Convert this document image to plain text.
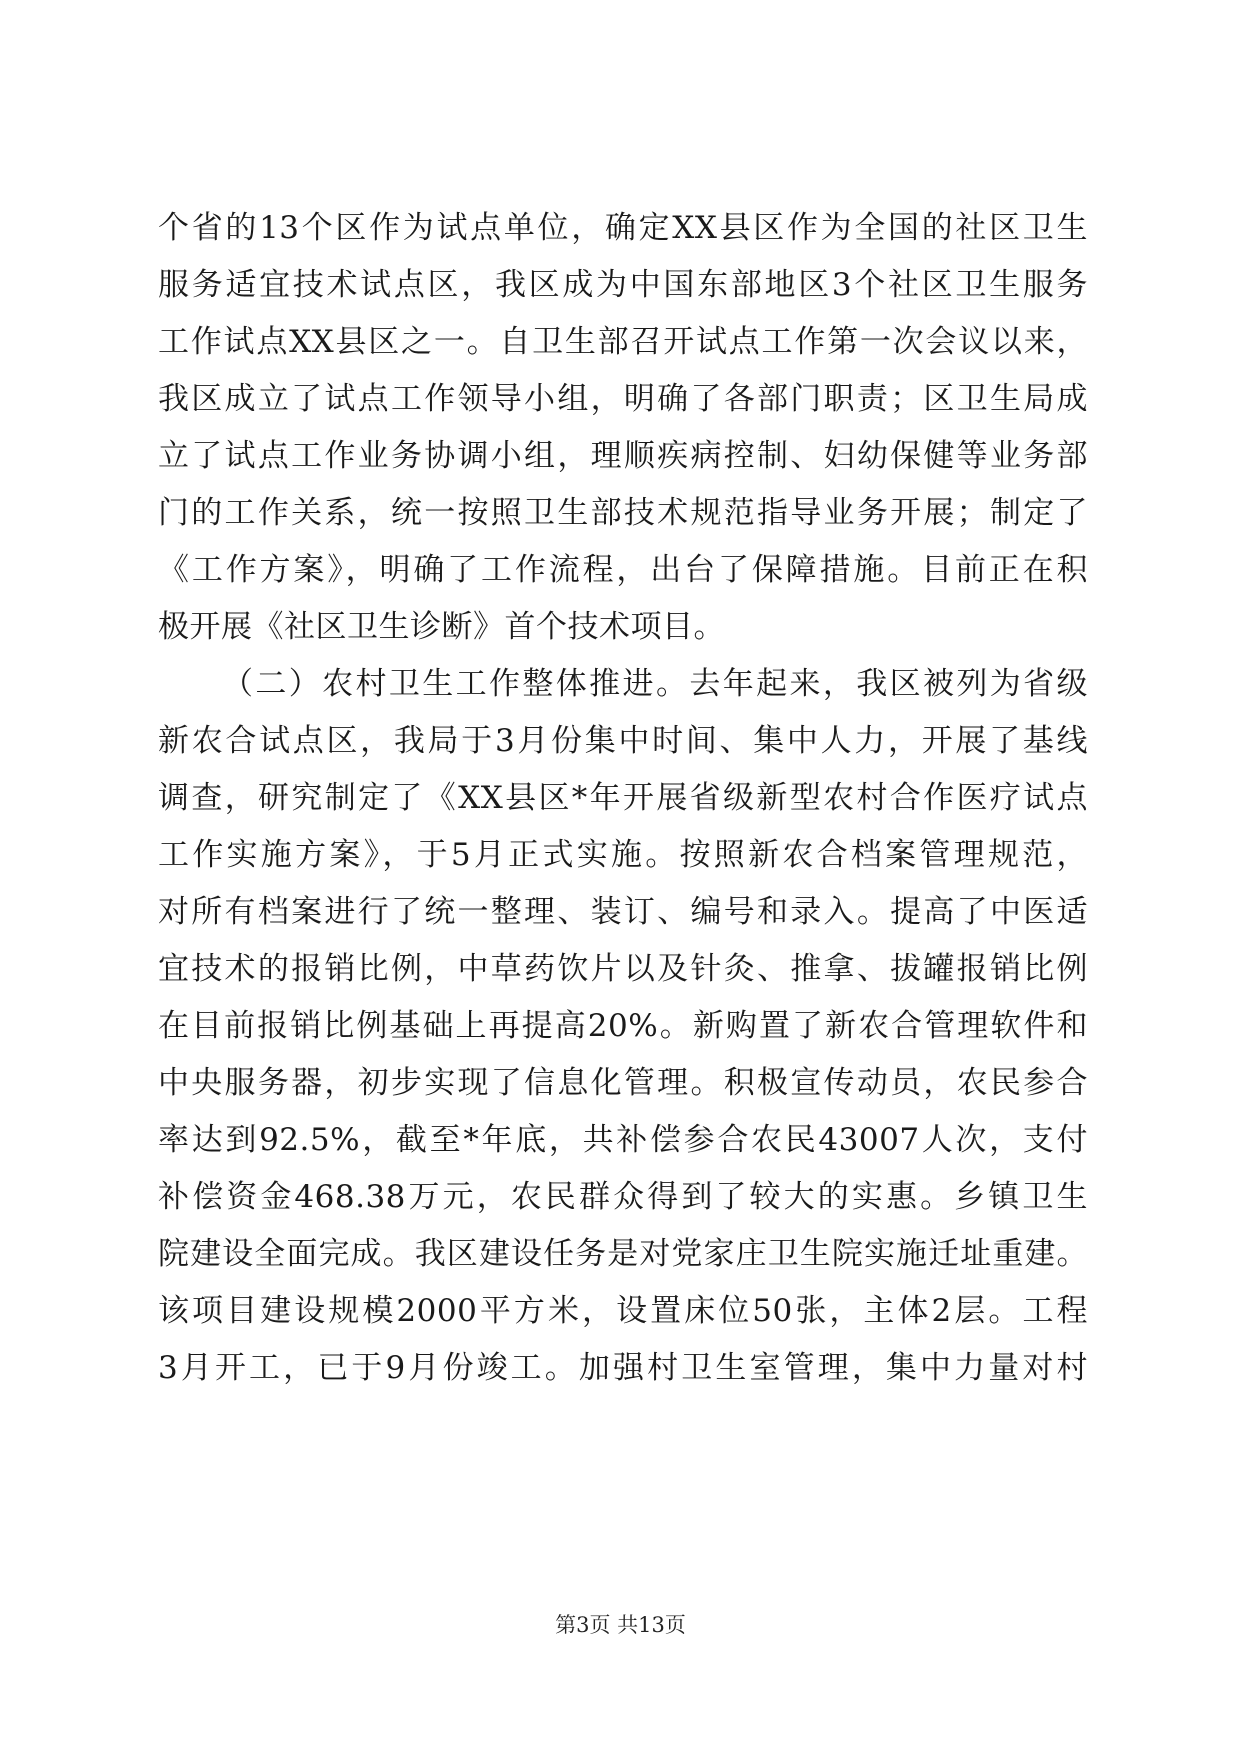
个省的13个区作为试点单位，确定XX县区作为全国的社区卫生
服务适宜技术试点区，我区成为中国东部地区3个社区卫生服务
工作试点XX县区之一。自卫生部召开试点工作第一次会议以来，
我区成立了试点工作领导小组，明确了各部门职责；区卫生局成
立了试点工作业务协调小组，理顺疾病控制、妇幼保健等业务部
门的工作关系，统一按照卫生部技术规范指导业务开展；制定了
《工作方案》，明确了工作流程，出台了保障措施。目前正在积
极开展《社区卫生诊断》首个技术项目。
（二）农村卫生工作整体推进。去年起来，我区被列为省级
新农合试点区，我局于3月份集中时间、集中人力，开展了基线
调查，研究制定了《XX县区*年开展省级新型农村合作医疗试点
工作实施方案》，于5月正式实施。按照新农合档案管理规范，
对所有档案进行了统一整理、装订、编号和录入。提高了中医适
宜技术的报销比例，中草药饮片以及针灸、推拿、拔罐报销比例
在目前报销比例基础上再提高20%。新购置了新农合管理软件和
中央服务器，初步实现了信息化管理。积极宣传动员，农民参合
率达到92.5%，截至*年底，共补偿参合农民43007人次，支付
补偿资金468.38万元，农民群众得到了较大的实惠。乡镇卫生
院建设全面完成。我区建设任务是对党家庄卫生院实施迁址重建。
该项目建设规模2000平方米，设置床位50张，主体2层。工程
3月开工，已于9月份竣工。加强村卫生室管理，集中力量对村
第3页 共13页
